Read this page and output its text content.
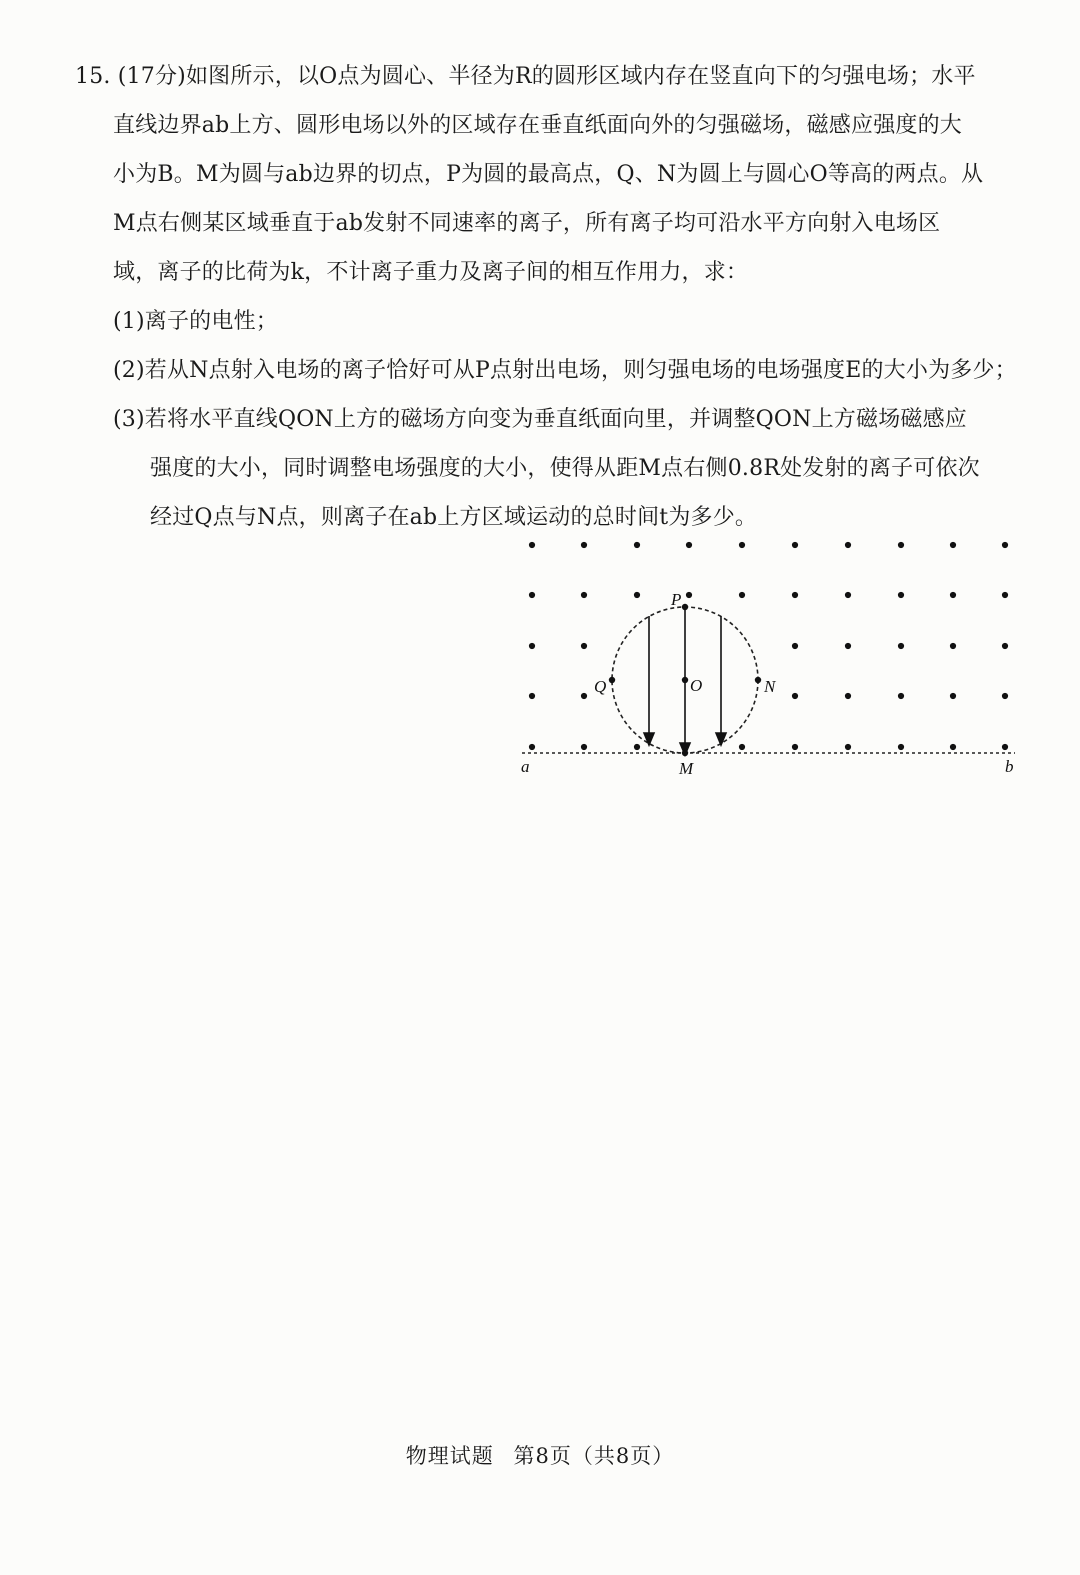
15. (17分)如图所示，以O点为圆心、半径为R的圆形区域内存在竖直向下的匀强电场；水平
直线边界ab上方、圆形电场以外的区域存在垂直纸面向外的匀强磁场，磁感应强度的大
小为B。M为圆与ab边界的切点，P为圆的最高点，Q、N为圆上与圆心O等高的两点。从
M点右侧某区域垂直于ab发射不同速率的离子，所有离子均可沿水平方向射入电场区
域，离子的比荷为k，不计离子重力及离子间的相互作用力，求：
(1)离子的电性；
(2)若从N点射入电场的离子恰好可从P点射出电场，则匀强电场的电场强度E的大小为多少；
(3)若将水平直线QON上方的磁场方向变为垂直纸面向里，并调整QON上方磁场磁感应
强度的大小，同时调整电场强度的大小，使得从距M点右侧0.8R处发射的离子可依次
经过Q点与N点，则离子在ab上方区域运动的总时间t为多少。
P
O
Q	N
M
a	b
物理试题 第8页（共8页）
